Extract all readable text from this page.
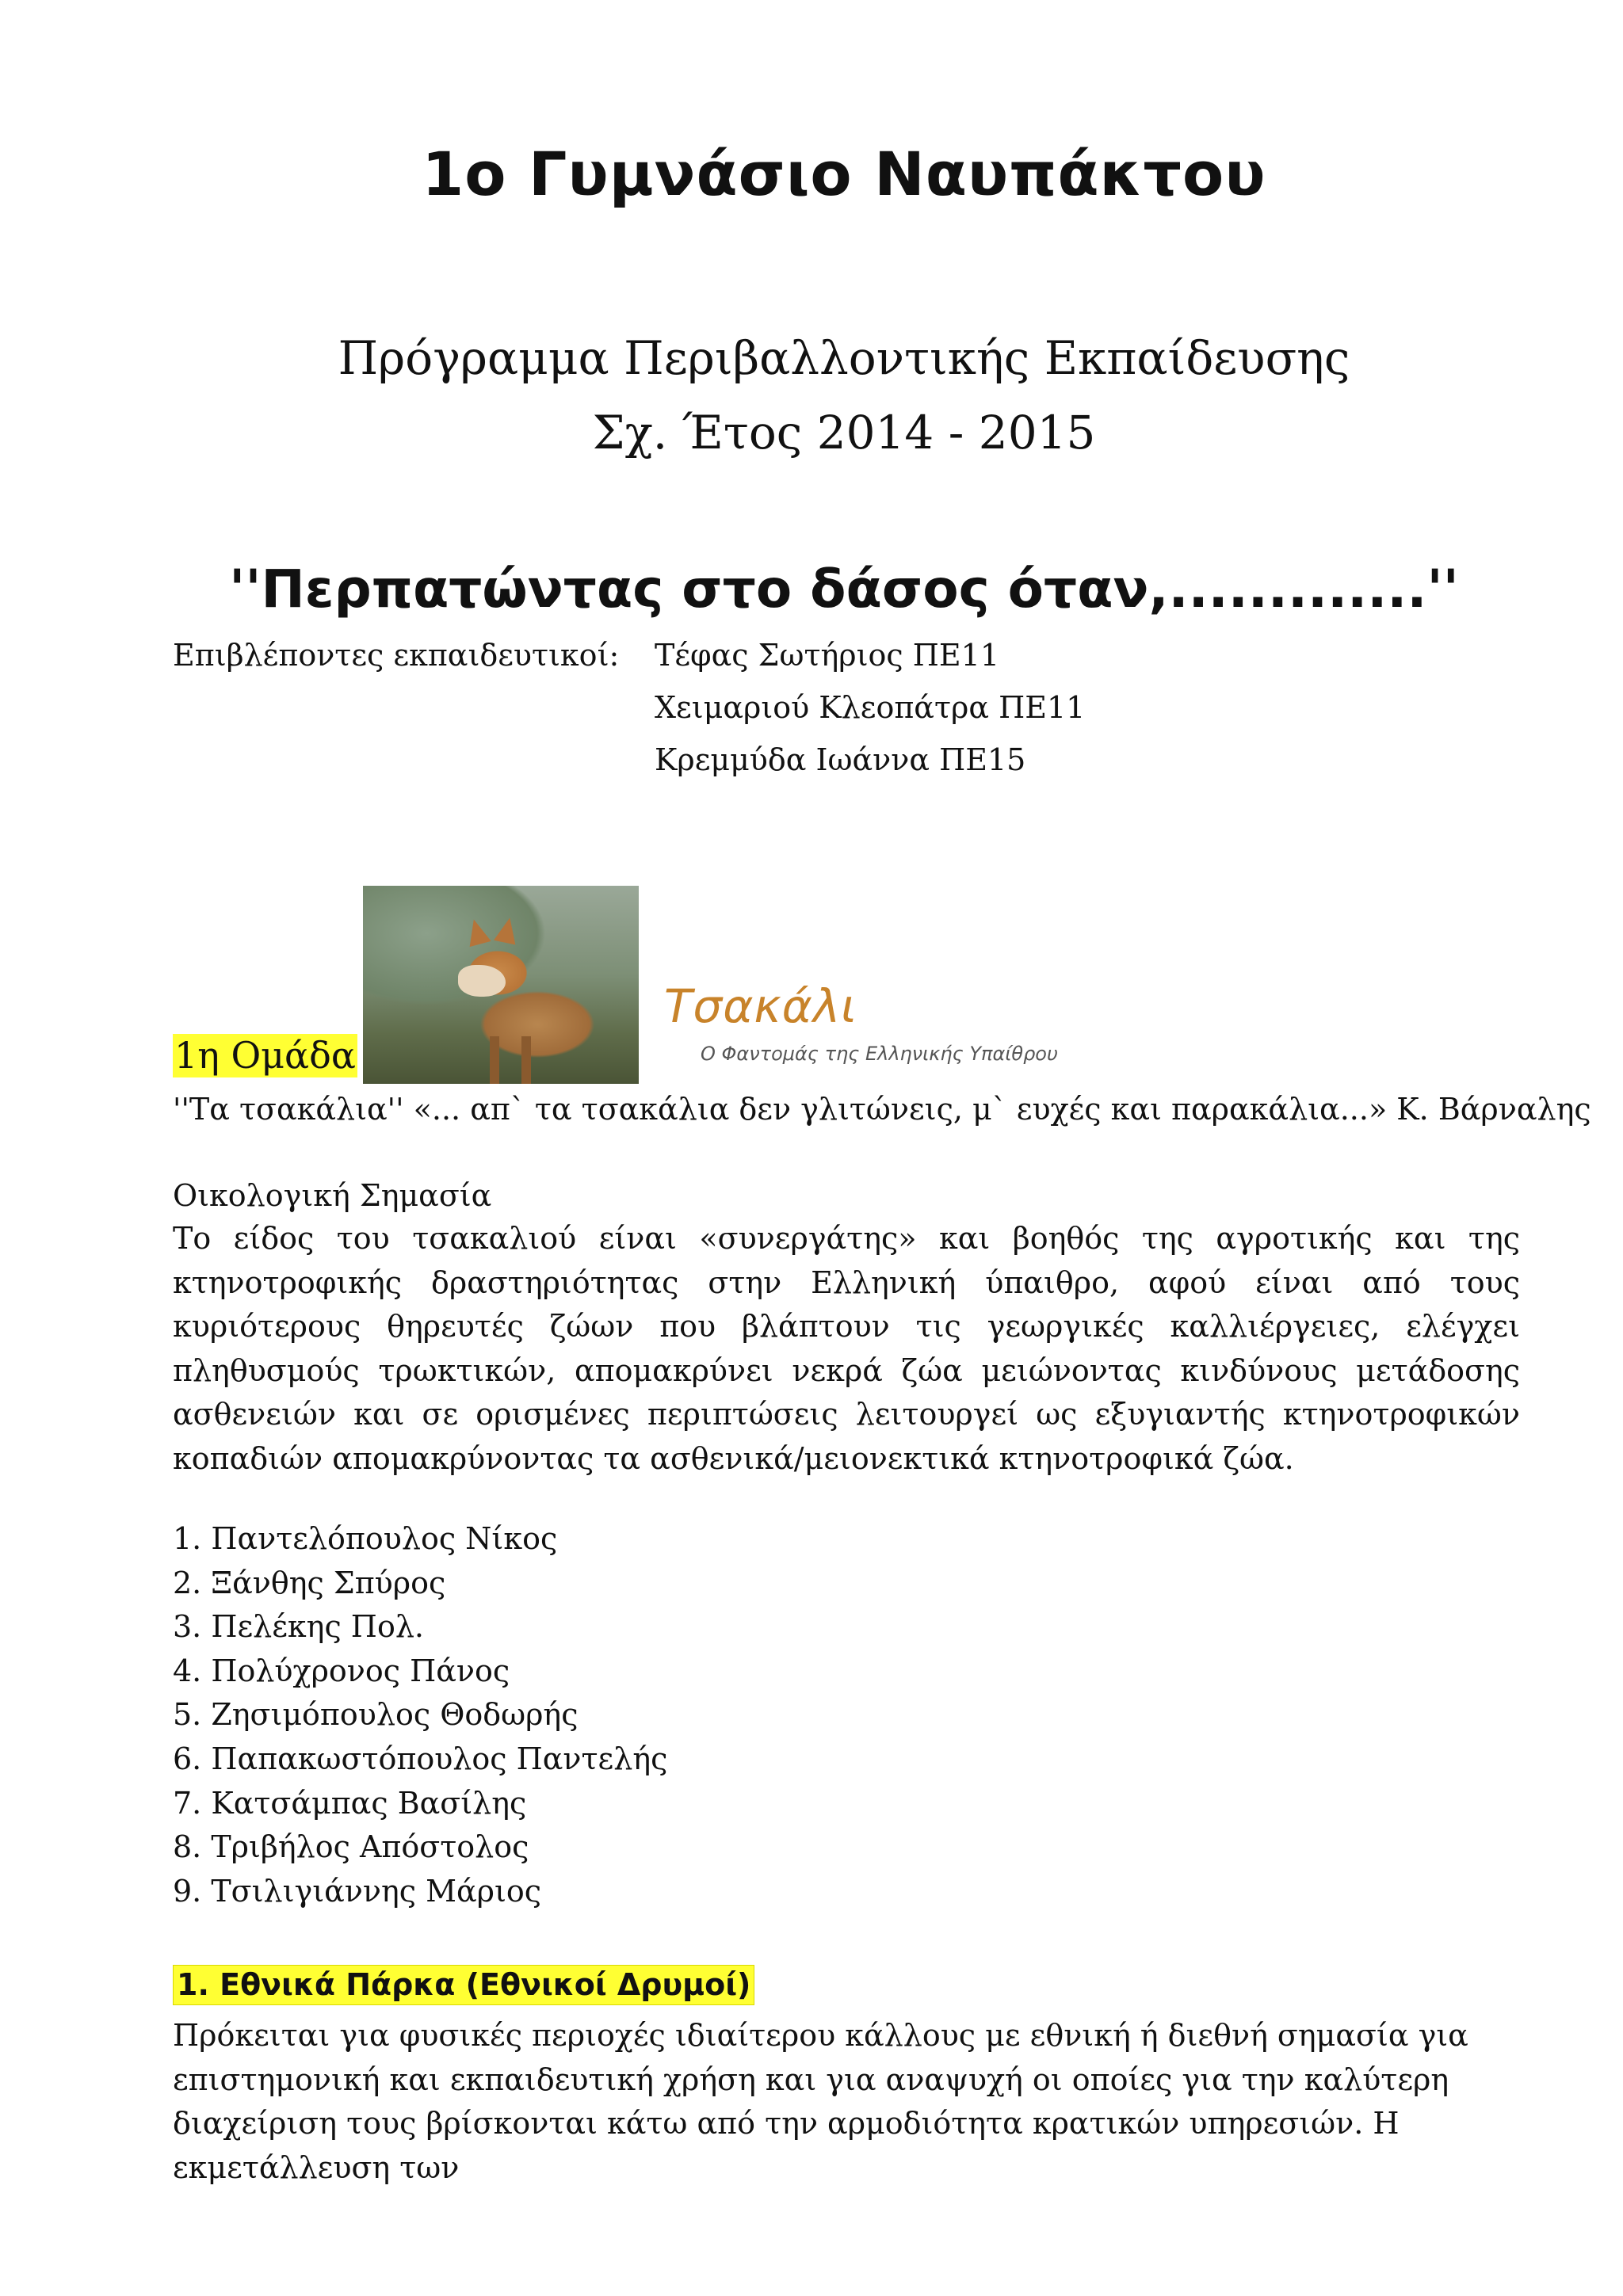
1ο Γυμνάσιο Ναυπάκτου
Πρόγραμμα Περιβαλλοντικής Εκπαίδευσης
Σχ. Έτος 2014 - 2015
''Περπατώντας στο δάσος όταν,.............''
Επιβλέποντες εκπαιδευτικοί: Τέφας Σωτήριος ΠΕ11
Χειμαριού Κλεοπάτρα ΠΕ11
Κρεμμύδα Ιωάννα ΠΕ15
Τσακάλι
Ο Φαντομάς της Ελληνικής Υπαίθρου
1η Ομάδα
''Τα τσακάλια'' «... απ` τα τσακάλια δεν γλιτώνεις, μ` ευχές και παρακάλια...» Κ. Βάρναλης
Οικολογική Σημασία

Το είδος του τσακαλιού είναι «συνεργάτης» και βοηθός της αγροτικής και της κτηνοτροφικής δραστηριότητας στην Ελληνική ύπαιθρο, αφού είναι από τους κυριότερους θηρευτές ζώων που βλάπτουν τις γεωργικές καλλιέργειες, ελέγχει πληθυσμούς τρωκτικών, απομακρύνει νεκρά ζώα μειώνοντας κινδύνους μετάδοσης ασθενειών και σε ορισμένες περιπτώσεις λειτουργεί ως εξυγιαντής κτηνοτροφικών κοπαδιών απομακρύνοντας τα ασθενικά/μειονεκτικά κτηνοτροφικά ζώα.

1. Παντελόπουλος Νίκος
2. Ξάνθης Σπύρος
3. Πελέκης Πολ.
4. Πολύχρονος Πάνος
5. Ζησιμόπουλος Θοδωρής
6. Παπακωστόπουλος Παντελής
7. Κατσάμπας Βασίλης
8. Τριβήλος Απόστολος
9. Τσιλιγιάννης Μάριος
1. Εθνικά Πάρκα (Εθνικοί Δρυμοί)

Πρόκειται για φυσικές περιοχές ιδιαίτερου κάλλους με εθνική ή διεθνή σημασία για επιστημονική και εκπαιδευτική χρήση και για αναψυχή οι οποίες για την καλύτερη διαχείριση τους βρίσκονται κάτω από την αρμοδιότητα κρατικών υπηρεσιών. Η εκμετάλλευση των
